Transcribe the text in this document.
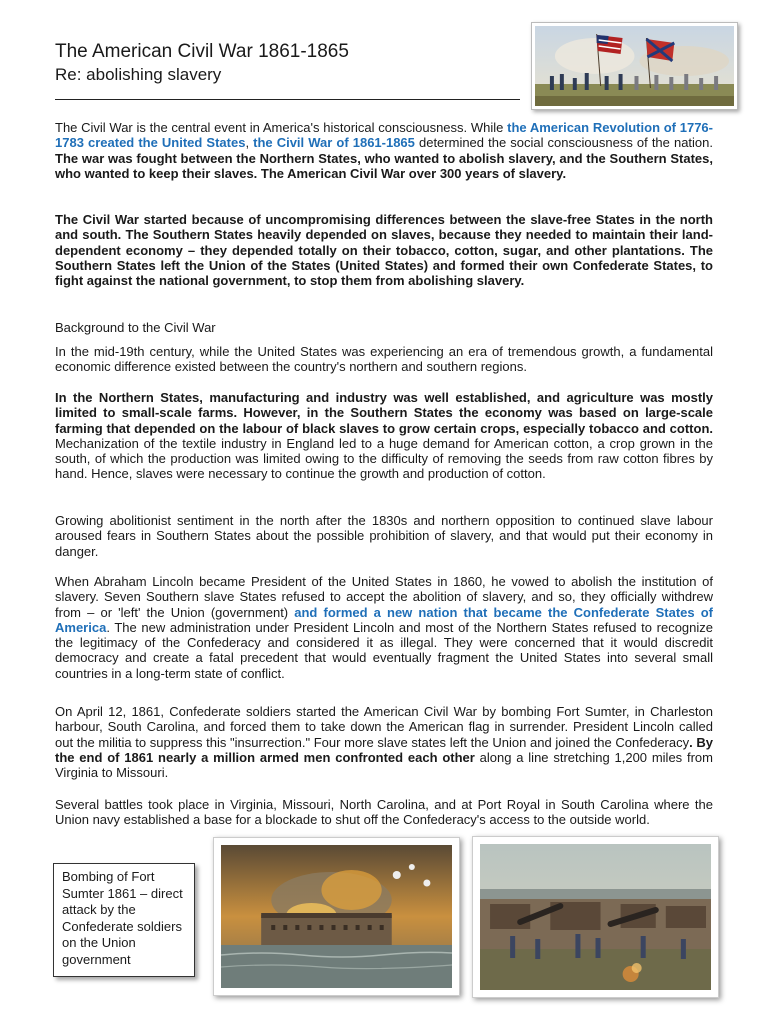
The American Civil War 1861-1865
Re: abolishing slavery

The Civil War is the central event in America's historical consciousness. While the American Revolution of 1776-1783 created the United States, the Civil War of 1861-1865 determined the social consciousness of the nation. The war was fought between the Northern States, who wanted to abolish slavery, and the Southern States, who wanted to keep their slaves. The American Civil War over 300 years of slavery.

The Civil War started because of uncompromising differences between the slave-free States in the north and south. The Southern States heavily depended on slaves, because they needed to maintain their land-dependent economy – they depended totally on their tobacco, cotton, sugar, and other plantations. The Southern States left the Union of the States (United States) and formed their own Confederate States, to fight against the national government, to stop them from abolishing slavery.

Background to the Civil War

In the mid-19th century, while the United States was experiencing an era of tremendous growth, a fundamental economic difference existed between the country's northern and southern regions.

In the Northern States, manufacturing and industry was well established, and agriculture was mostly limited to small-scale farms. However, in the Southern States the economy was based on large-scale farming that depended on the labour of black slaves to grow certain crops, especially tobacco and cotton. Mechanization of the textile industry in England led to a huge demand for American cotton, a crop grown in the south, of which the production was limited owing to the difficulty of removing the seeds from raw cotton fibres by hand. Hence, slaves were necessary to continue the growth and production of cotton.

Growing abolitionist sentiment in the north after the 1830s and northern opposition to continued slave labour aroused fears in Southern States about the possible prohibition of slavery, and that would put their economy in danger.

When Abraham Lincoln became President of the United States in 1860, he vowed to abolish the institution of slavery. Seven Southern slave States refused to accept the abolition of slavery, and so, they officially withdrew from – or 'left' the Union (government) and formed a new nation that became the Confederate States of America. The new administration under President Lincoln and most of the Northern States refused to recognize the legitimacy of the Confederacy and considered it as illegal. They were concerned that it would discredit democracy and create a fatal precedent that would eventually fragment the United States into several small countries in a long-term state of conflict.

On April 12, 1861, Confederate soldiers started the American Civil War by bombing Fort Sumter, in Charleston harbour, South Carolina, and forced them to take down the American flag in surrender. President Lincoln called out the militia to suppress this "insurrection." Four more slave states left the Union and joined the Confederacy. By the end of 1861 nearly a million armed men confronted each other along a line stretching 1,200 miles from Virginia to Missouri.

Several battles took place in Virginia, Missouri, North Carolina, and at Port Royal in South Carolina where the Union navy established a base for a blockade to shut off the Confederacy's access to the outside world.

Bombing of Fort Sumter 1861 – direct attack by the Confederate soldiers on the Union government
